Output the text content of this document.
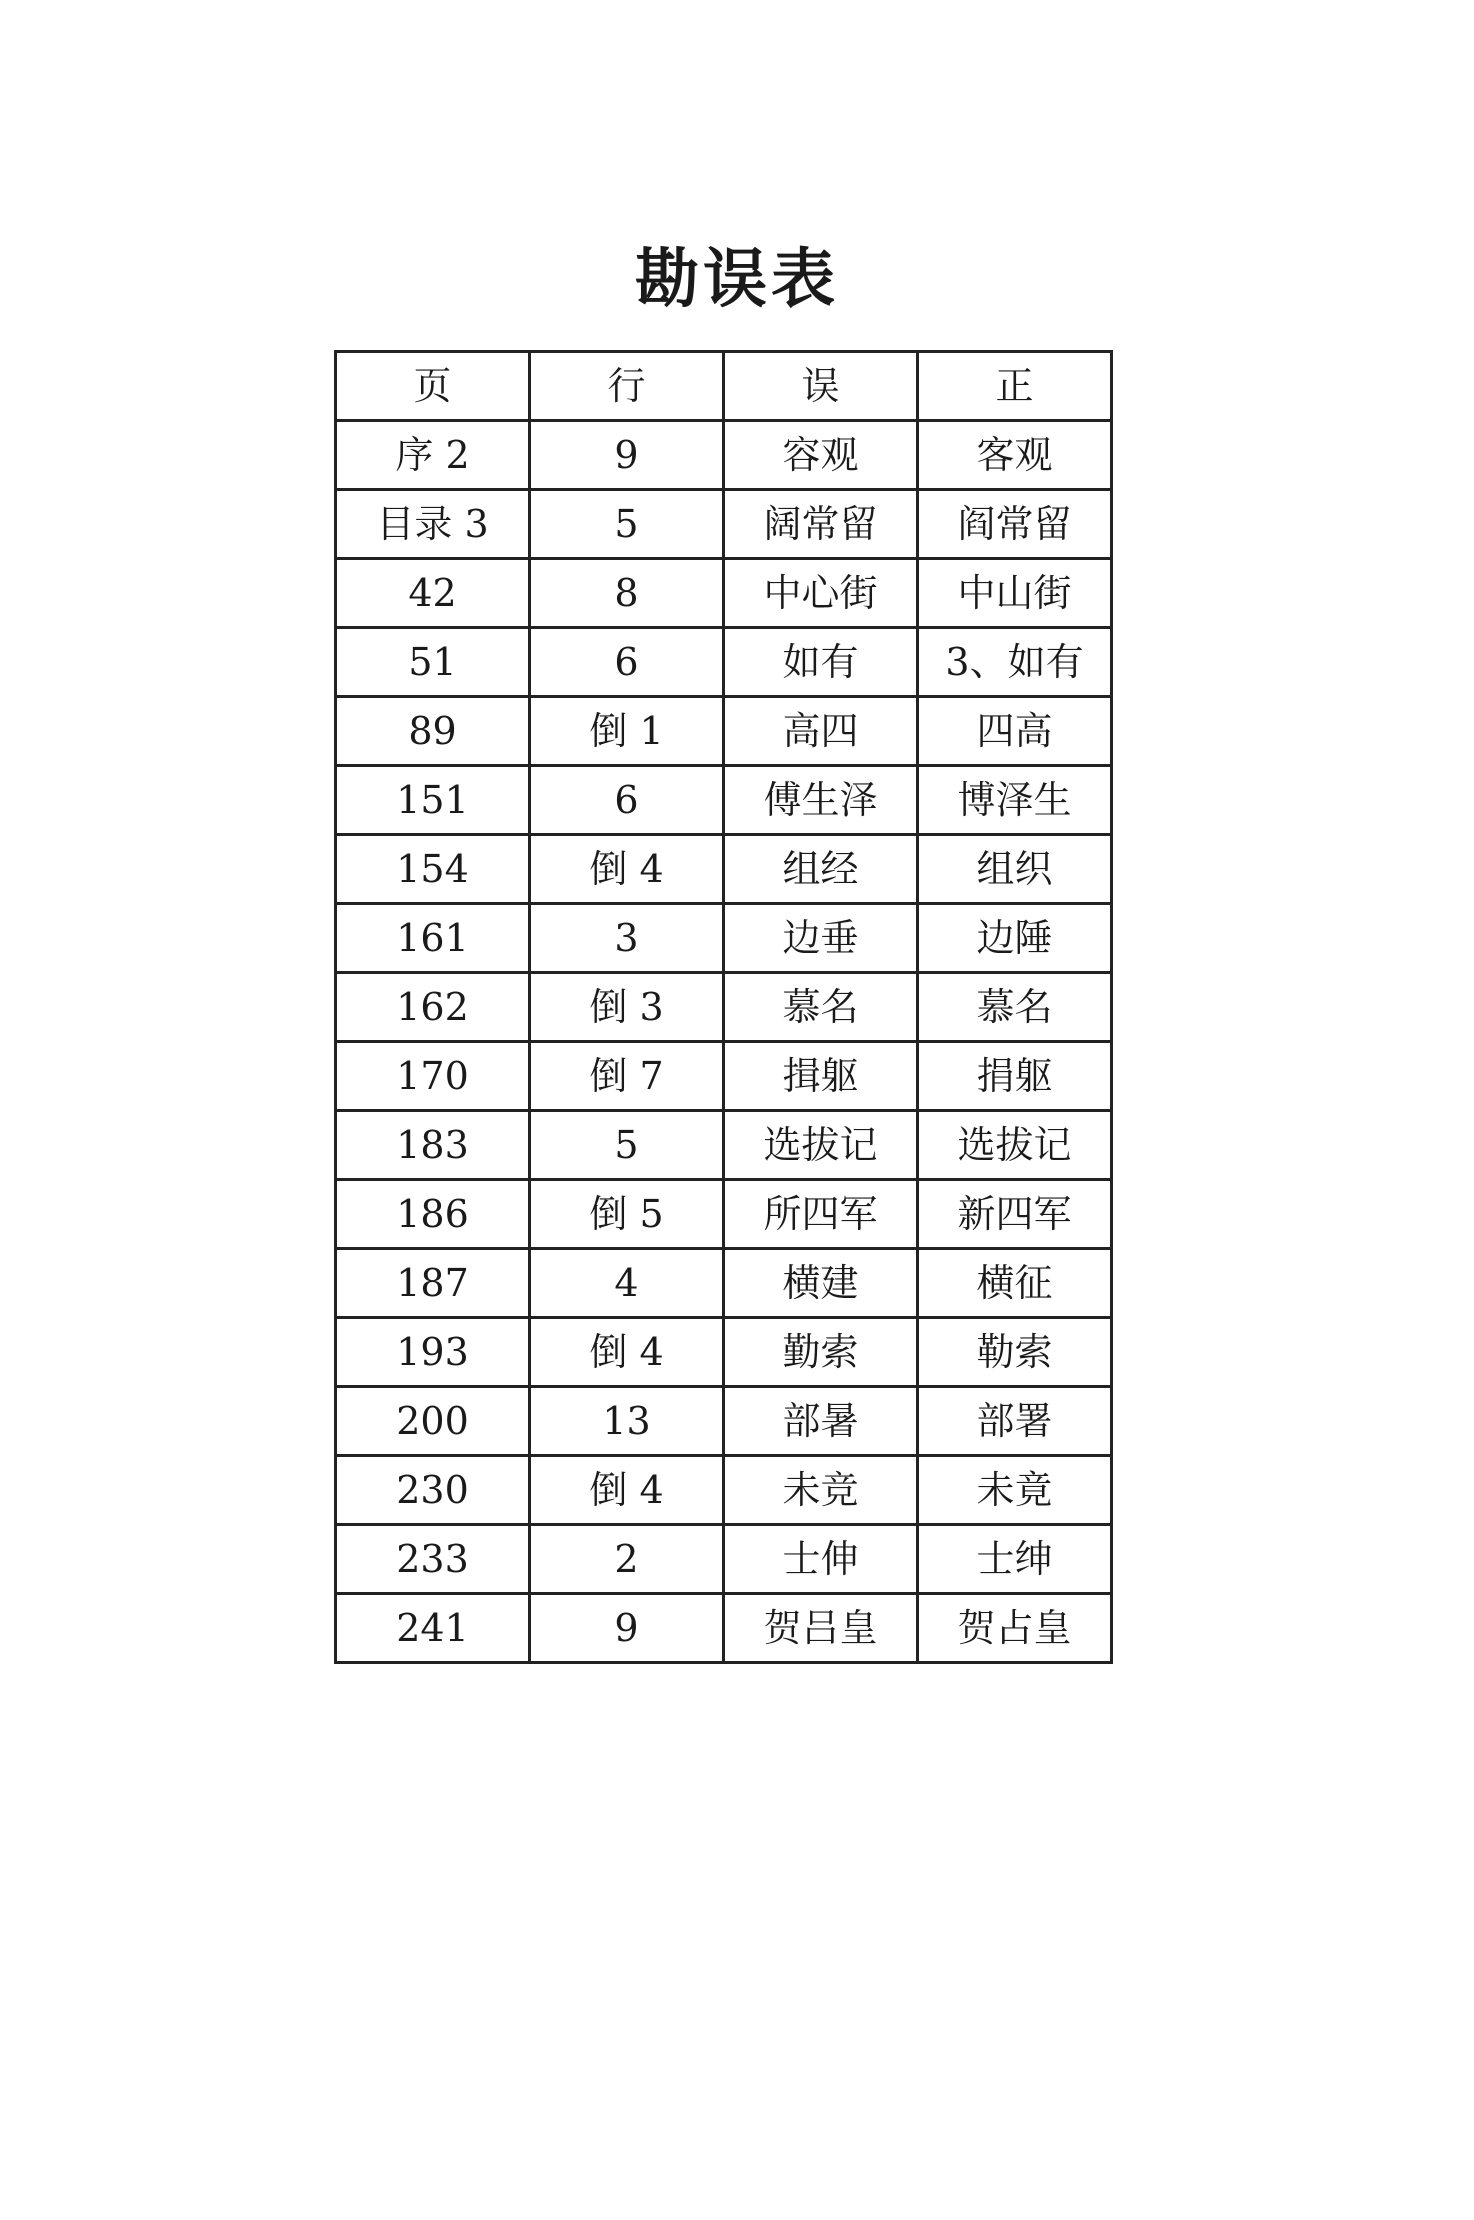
勘误表
页	行	误	正
序 2	9	容观	客观
目录 3	5	阔常留	阎常留
42	8	中心街	中山街
51	6	如有	3、如有
89	倒 1	高四	四高
151	6	傅生泽	博泽生
154	倒 4	组经	组织
161	3	边垂	边陲
162	倒 3	慕名	慕名
170	倒 7	揖躯	捐躯
183	5	选拔记	选拔记
186	倒 5	所四军	新四军
187	4	横建	横征
193	倒 4	勤索	勒索
200	13	部暑	部署
230	倒 4	未竞	未竟
233	2	士伸	士绅
241	9	贺吕皇	贺占皇
